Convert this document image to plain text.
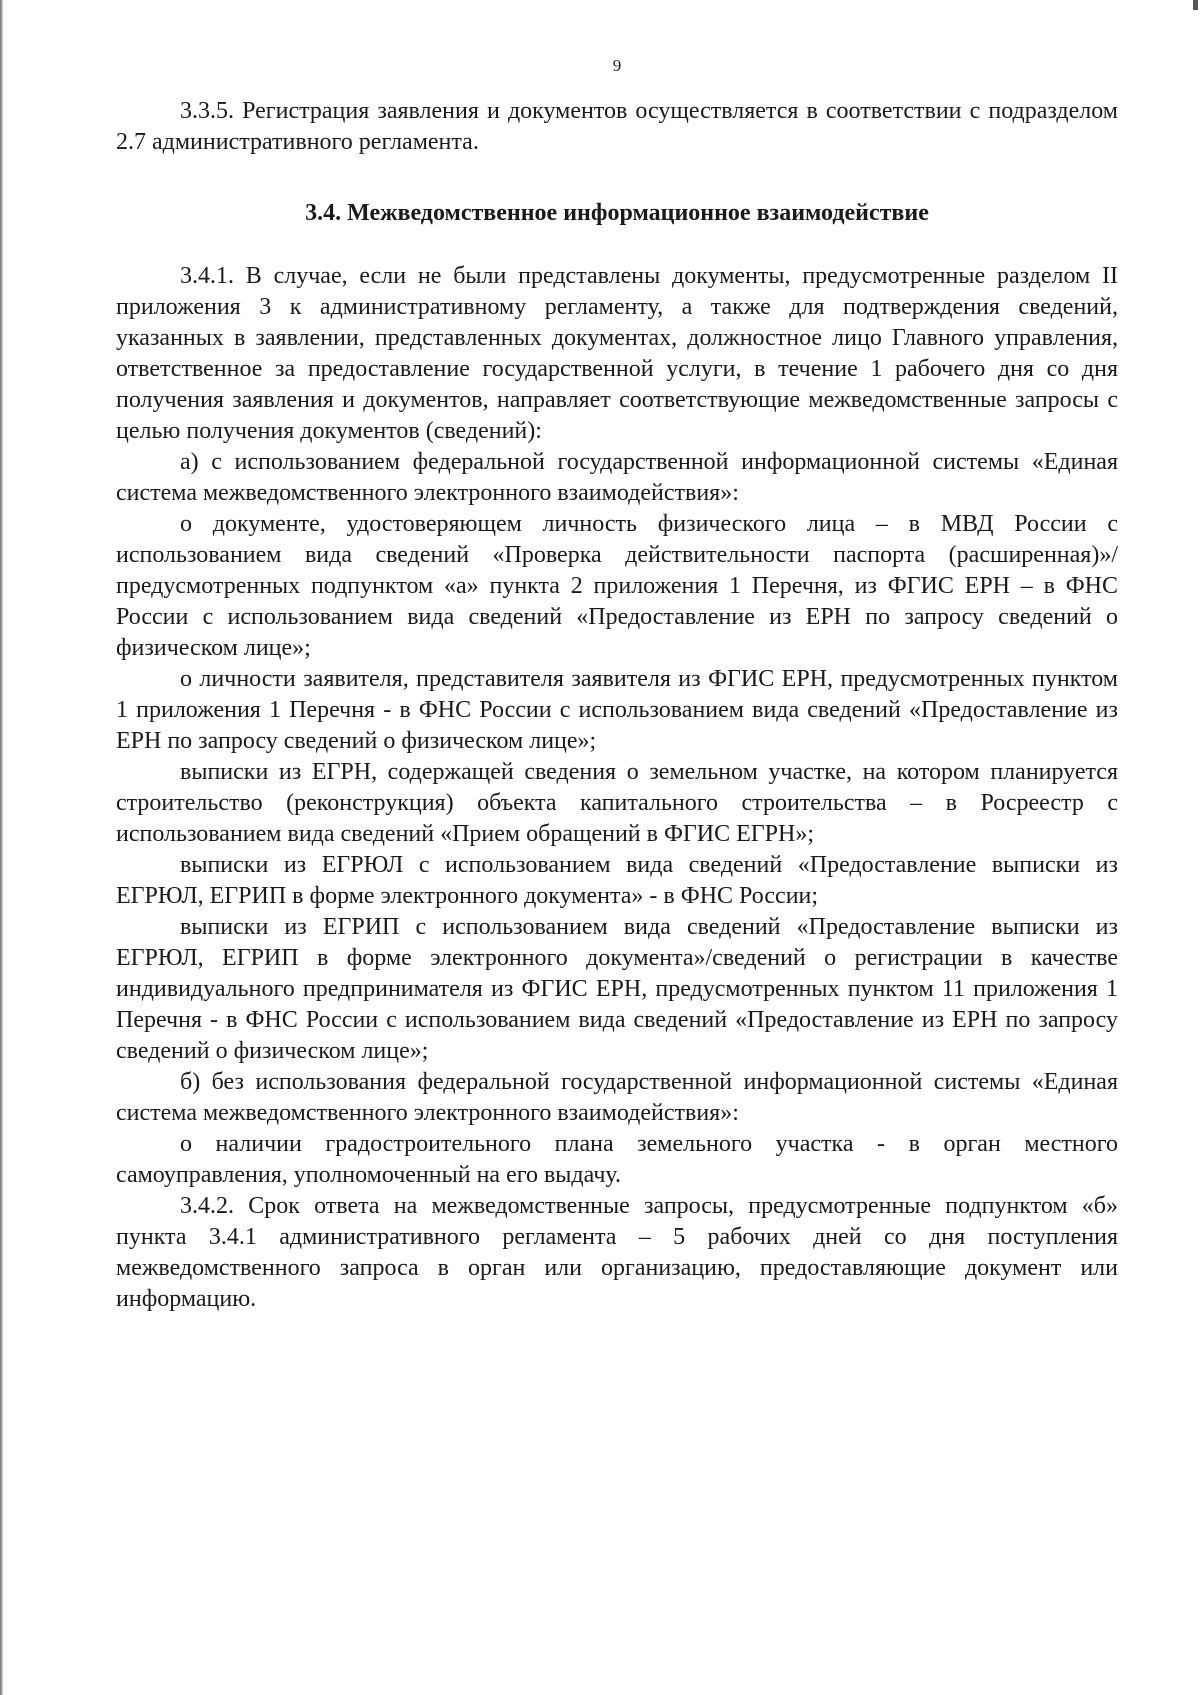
9

3.3.5. Регистрация заявления и документов осуществляется в соответствии с подразделом 2.7 административного регламента.

3.4. Межведомственное информационное взаимодействие

3.4.1. В случае, если не были представлены документы, предусмотренные разделом II приложения 3 к административному регламенту, а также для подтверждения сведений, указанных в заявлении, представленных документах, должностное лицо Главного управления, ответственное за предоставление государственной услуги, в течение 1 рабочего дня со дня получения заявления и документов, направляет соответствующие межведомственные запросы с целью получения документов (сведений):

а) с использованием федеральной государственной информационной системы «Единая система межведомственного электронного взаимодействия»:

о документе, удостоверяющем личность физического лица – в МВД России с использованием вида сведений «Проверка действительности паспорта (расширенная)»/предусмотренных подпунктом «а» пункта 2 приложения 1 Перечня, из ФГИС ЕРН – в ФНС России с использованием вида сведений «Предоставление из ЕРН по запросу сведений о физическом лице»;

о личности заявителя, представителя заявителя из ФГИС ЕРН, предусмотренных пунктом 1 приложения 1 Перечня - в ФНС России с использованием вида сведений «Предоставление из ЕРН по запросу сведений о физическом лице»;

выписки из ЕГРН, содержащей сведения о земельном участке, на котором планируется строительство (реконструкция) объекта капитального строительства – в Росреестр с использованием вида сведений «Прием обращений в ФГИС ЕГРН»;

выписки из ЕГРЮЛ с использованием вида сведений «Предоставление выписки из ЕГРЮЛ, ЕГРИП в форме электронного документа» - в ФНС России;

выписки из ЕГРИП с использованием вида сведений «Предоставление выписки из ЕГРЮЛ, ЕГРИП в форме электронного документа»/сведений о регистрации в качестве индивидуального предпринимателя из ФГИС ЕРН, предусмотренных пунктом 11 приложения 1 Перечня - в ФНС России с использованием вида сведений «Предоставление из ЕРН по запросу сведений о физическом лице»;

б) без использования федеральной государственной информационной системы «Единая система межведомственного электронного взаимодействия»:

о наличии градостроительного плана земельного участка - в орган местного самоуправления, уполномоченный на его выдачу.

3.4.2. Срок ответа на межведомственные запросы, предусмотренные подпунктом «б» пункта 3.4.1 административного регламента – 5 рабочих дней со дня поступления межведомственного запроса в орган или организацию, предоставляющие документ или информацию.
